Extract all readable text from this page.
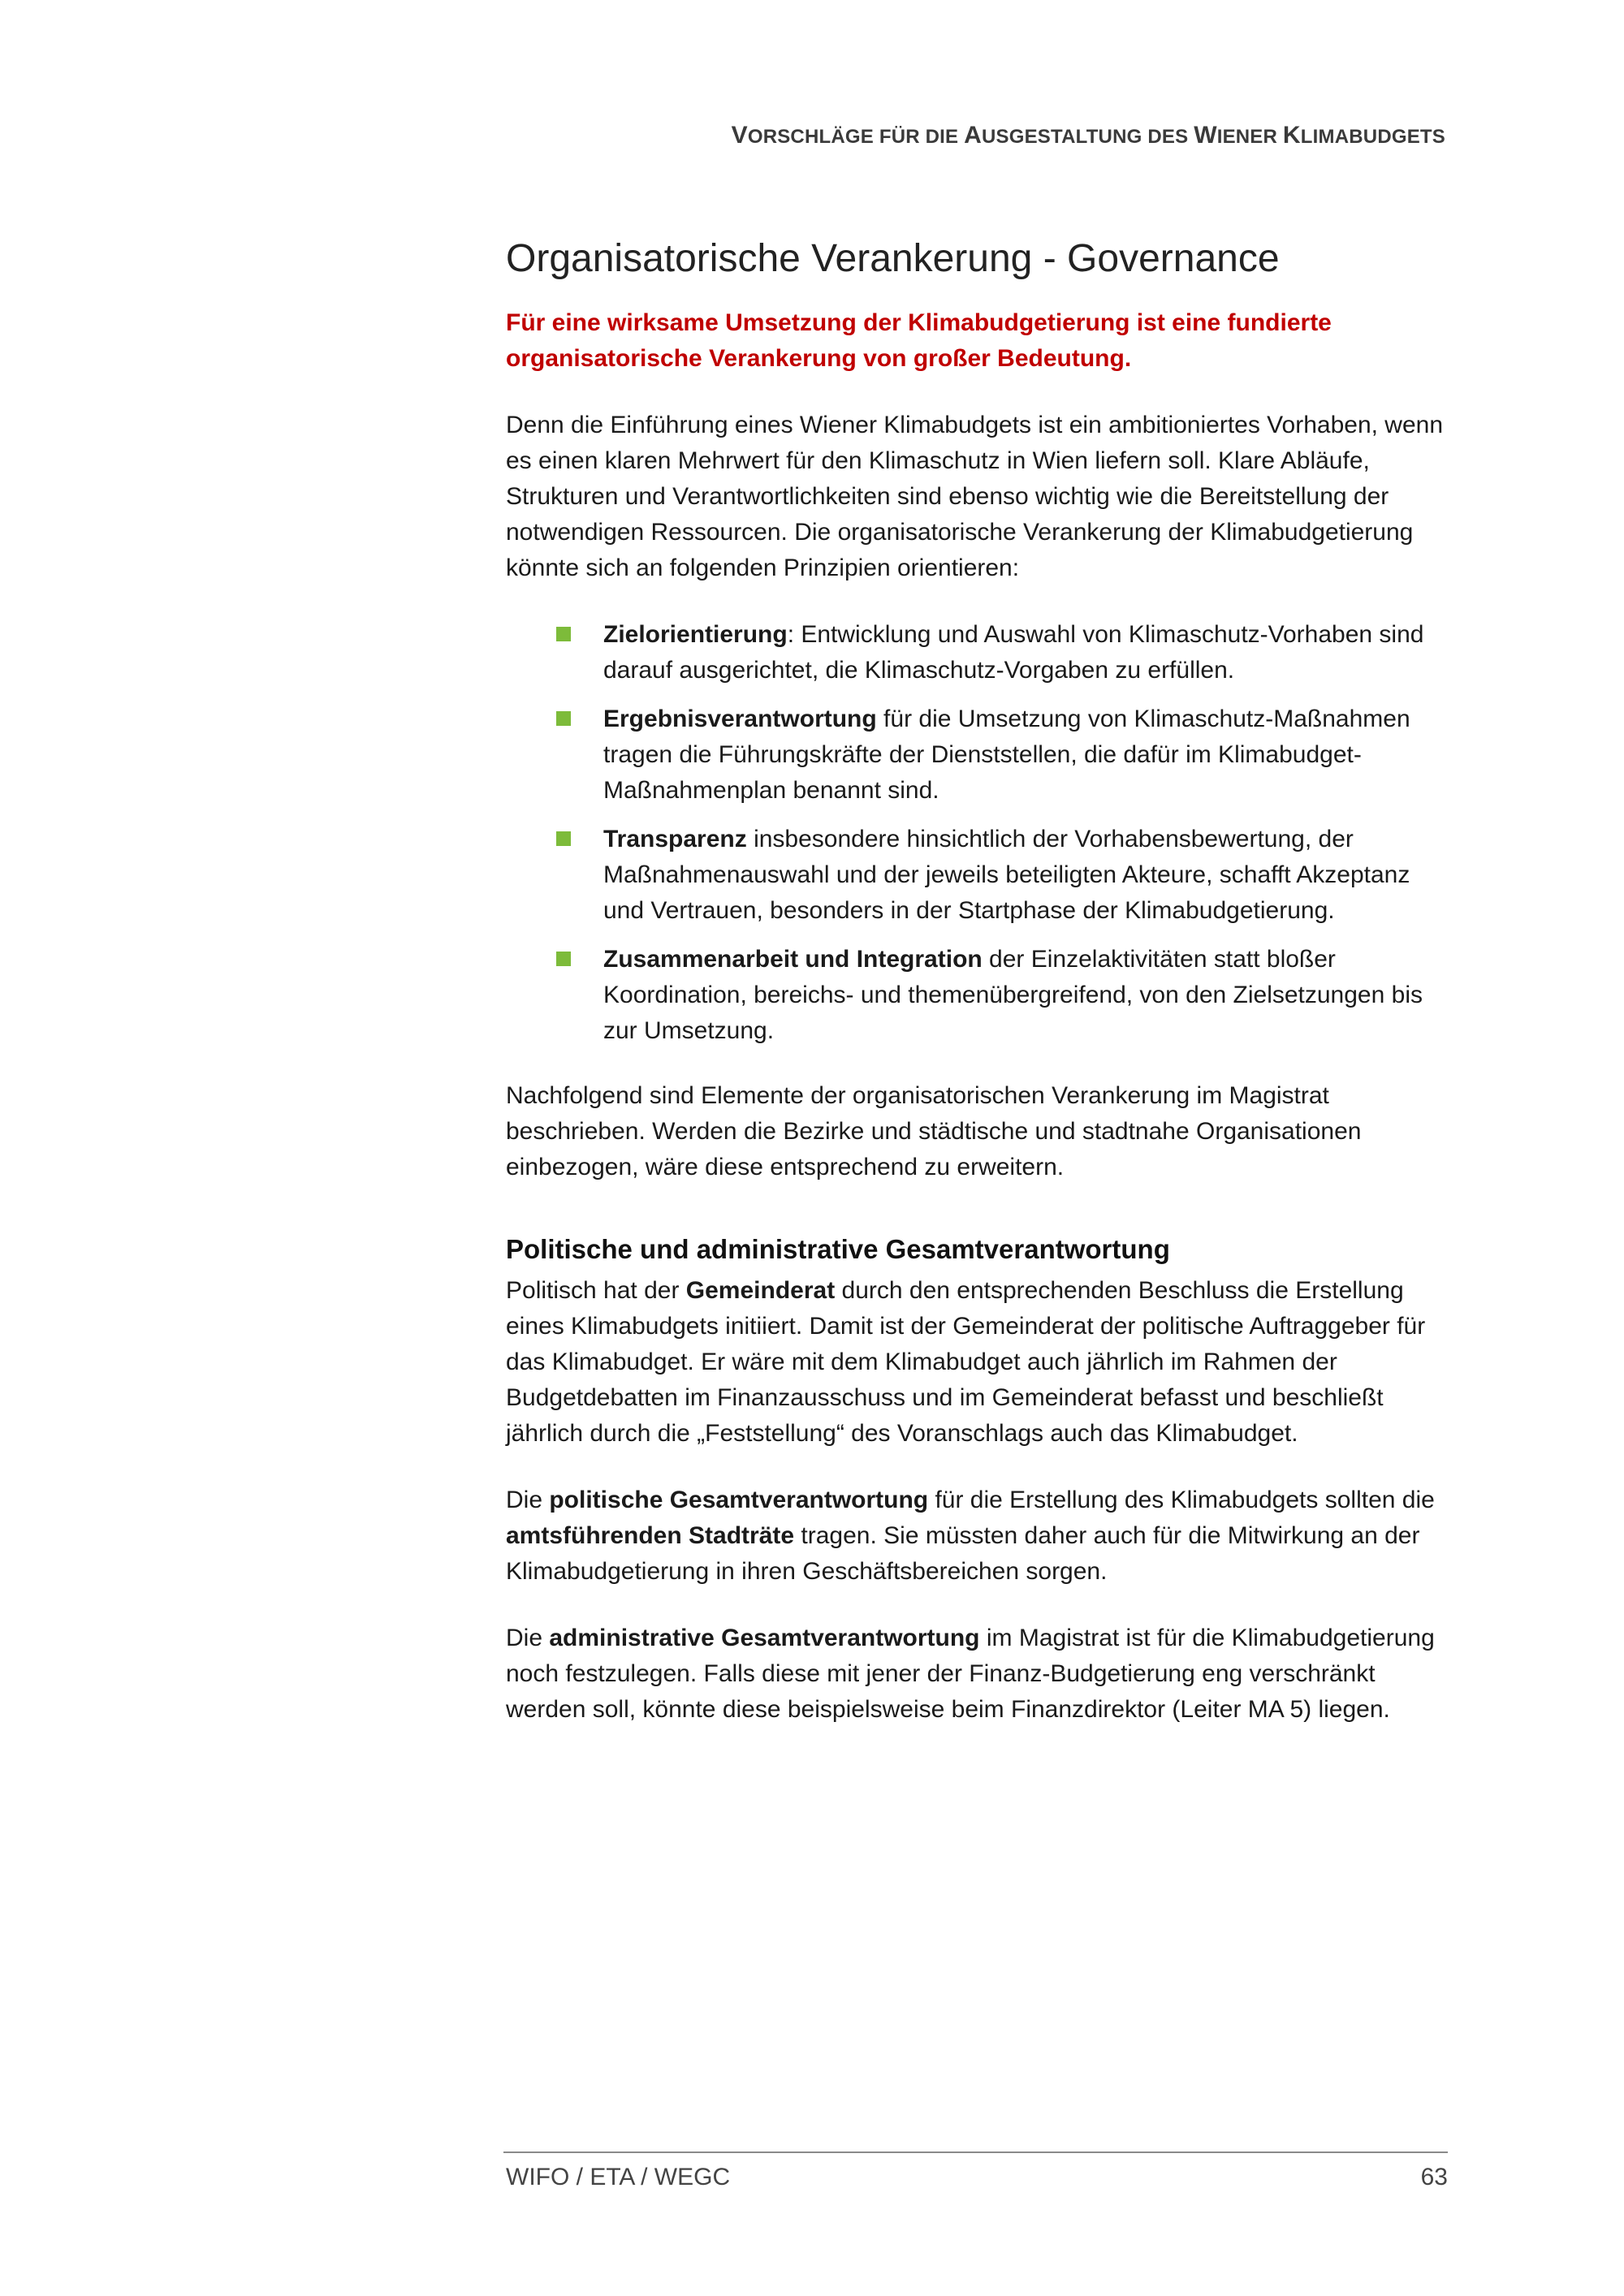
VORSCHLÄGE FÜR DIE AUSGESTALTUNG DES WIENER KLIMABUDGETS
Organisatorische Verankerung - Governance

Für eine wirksame Umsetzung der Klimabudgetierung ist eine fundierte organisatorische Verankerung von großer Bedeutung.

Denn die Einführung eines Wiener Klimabudgets ist ein ambitioniertes Vorhaben, wenn es einen klaren Mehrwert für den Klimaschutz in Wien liefern soll. Klare Abläufe, Strukturen und Verantwortlichkeiten sind ebenso wichtig wie die Bereitstellung der notwendigen Ressourcen. Die organisatorische Verankerung der Klimabudgetierung könnte sich an folgenden Prinzipien orientieren:

Zielorientierung: Entwicklung und Auswahl von Klimaschutz-Vorhaben sind darauf ausgerichtet, die Klimaschutz-Vorgaben zu erfüllen.
Ergebnisverantwortung für die Umsetzung von Klimaschutz-Maßnahmen tragen die Führungskräfte der Dienststellen, die dafür im Klimabudget-Maßnahmenplan benannt sind.
Transparenz insbesondere hinsichtlich der Vorhabensbewertung, der Maßnahmenauswahl und der jeweils beteiligten Akteure, schafft Akzeptanz und Vertrauen, besonders in der Startphase der Klimabudgetierung.
Zusammenarbeit und Integration der Einzelaktivitäten statt bloßer Koordination, bereichs- und themenübergreifend, von den Zielsetzungen bis zur Umsetzung.

Nachfolgend sind Elemente der organisatorischen Verankerung im Magistrat beschrieben. Werden die Bezirke und städtische und stadtnahe Organisationen einbezogen, wäre diese entsprechend zu erweitern.

Politische und administrative Gesamtverantwortung

Politisch hat der Gemeinderat durch den entsprechenden Beschluss die Erstellung eines Klimabudgets initiiert. Damit ist der Gemeinderat der politische Auftraggeber für das Klimabudget. Er wäre mit dem Klimabudget auch jährlich im Rahmen der Budgetdebatten im Finanzausschuss und im Gemeinderat befasst und beschließt jährlich durch die „Feststellung“ des Voranschlags auch das Klimabudget.

Die politische Gesamtverantwortung für die Erstellung des Klimabudgets sollten die amtsführenden Stadträte tragen. Sie müssten daher auch für die Mitwirkung an der Klimabudgetierung in ihren Geschäftsbereichen sorgen.

Die administrative Gesamtverantwortung im Magistrat ist für die Klimabudgetierung noch festzulegen. Falls diese mit jener der Finanz-Budgetierung eng verschränkt werden soll, könnte diese beispielsweise beim Finanzdirektor (Leiter MA 5) liegen.

WIFO / ETA / WEGC	63
